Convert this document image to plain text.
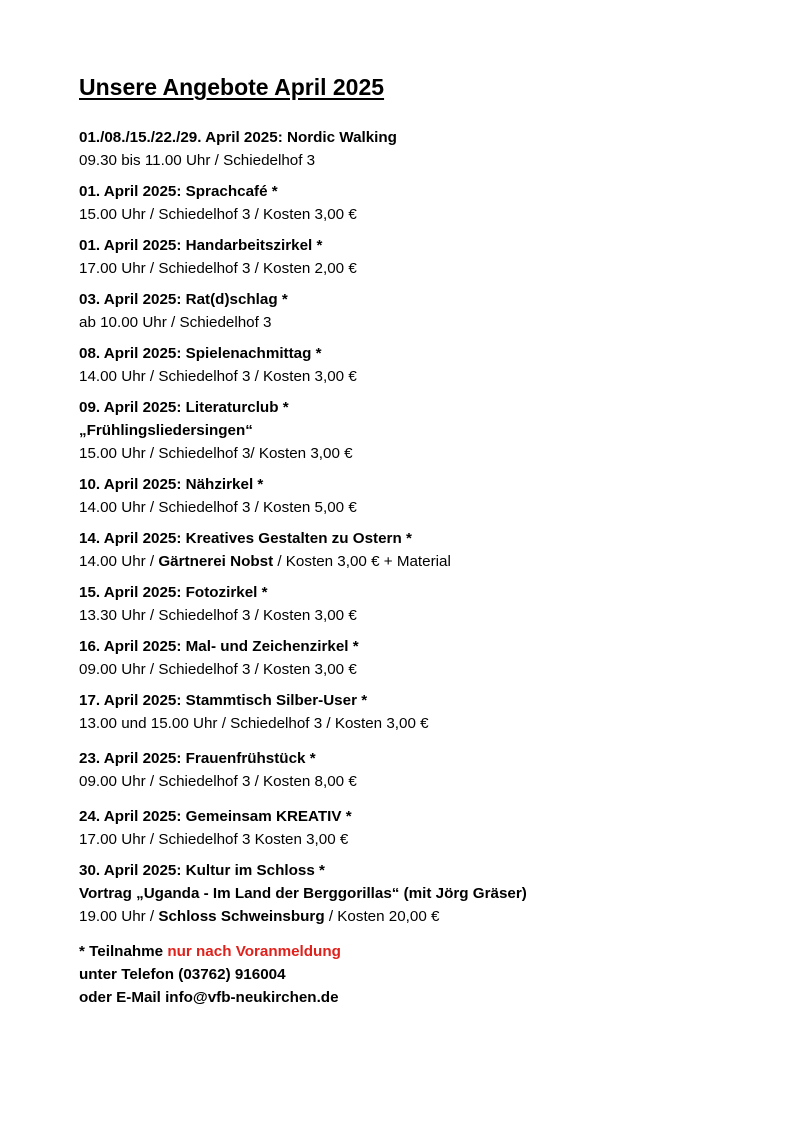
Unsere Angebote April 2025
01./08./15./22./29. April 2025: Nordic Walking
09.30 bis 11.00 Uhr / Schiedelhof 3
01. April 2025: Sprachcafé *
15.00 Uhr / Schiedelhof 3 / Kosten 3,00 €
01. April 2025: Handarbeitszirkel *
17.00 Uhr / Schiedelhof 3 / Kosten 2,00 €
03. April 2025: Rat(d)schlag *
ab 10.00 Uhr / Schiedelhof 3
08. April 2025: Spielenachmittag *
14.00 Uhr / Schiedelhof 3 / Kosten 3,00 €
09. April 2025: Literaturclub *
„Frühlingsliedersingen“
15.00 Uhr / Schiedelhof 3/ Kosten 3,00 €
10. April 2025: Nähzirkel *
14.00 Uhr / Schiedelhof 3 / Kosten 5,00 €
14. April 2025: Kreatives Gestalten zu Ostern *
14.00 Uhr / Gärtnerei Nobst / Kosten 3,00 € + Material
15. April 2025: Fotozirkel *
13.30 Uhr / Schiedelhof 3 / Kosten 3,00 €
16. April 2025: Mal- und Zeichenzirkel *
09.00 Uhr / Schiedelhof 3 / Kosten 3,00 €
17. April 2025: Stammtisch Silber-User *
13.00 und 15.00 Uhr / Schiedelhof 3 / Kosten 3,00 €
23. April 2025: Frauenfrühstück *
09.00 Uhr / Schiedelhof 3 / Kosten 8,00 €
24. April 2025: Gemeinsam KREATIV *
17.00 Uhr / Schiedelhof 3 Kosten 3,00 €
30. April 2025: Kultur im Schloss *
Vortrag „Uganda - Im Land der Berggorillas“ (mit Jörg Gräser)
19.00 Uhr / Schloss Schweinsburg / Kosten 20,00 €
* Teilnahme nur nach Voranmeldung
unter Telefon (03762) 916004
oder E-Mail info@vfb-neukirchen.de
